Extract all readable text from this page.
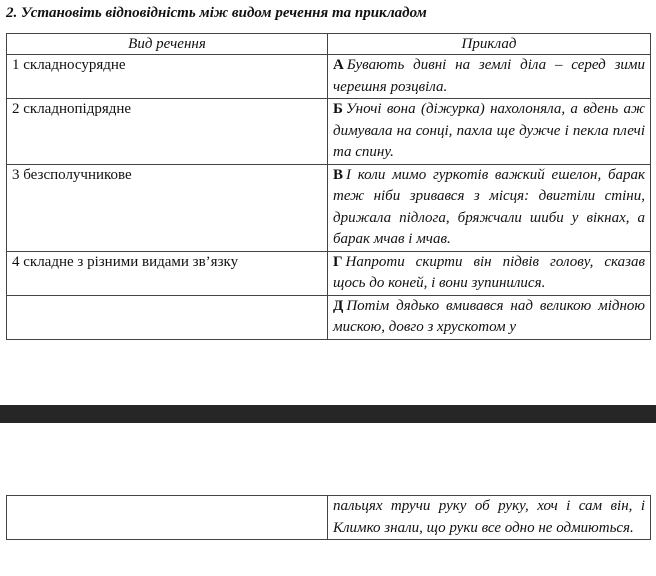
2. Установіть відповідність між видом речення та прикладом
Вид речення	Приклад
1 складносурядне	А Бувають дивні на землі діла – серед зими черешня розцвіла.
2 складнопідрядне	Б Уночі вона (діжурка) нахолоняла, а вдень аж димувала на сонці, пахла ще дужче і пекла плечі та спину.
3 безсполучникове	В І коли мимо гуркотів важкий ешелон, барак теж ніби зривався з місця: двигтіли стіни, дрижала підлога, бряжчали шиби у вікнах, а барак мчав і мчав.
4 складне з різними видами зв’язку	Г Напроти скирти він підвів голову, сказав щось до коней, і вони зупинилися.
	Д Потім дядько вмивався над великою мідною мискою, довго з хрускотом у
	пальцях тручи руку об руку, хоч і сам він, і Климко знали, що руки все одно не одмиються.
